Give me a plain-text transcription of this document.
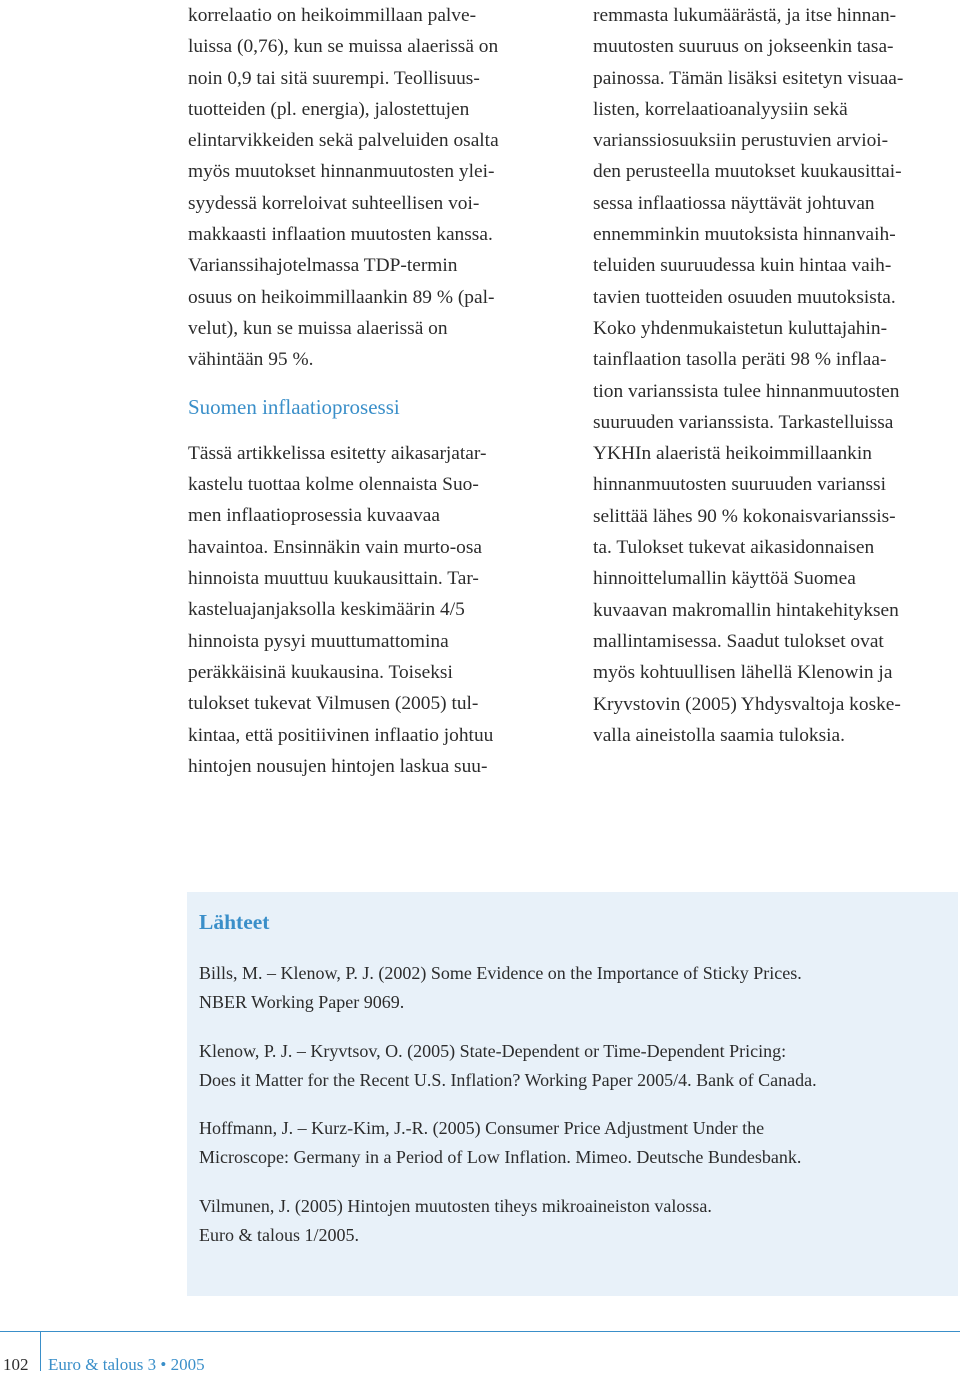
korrelaatio on heikoimmillaan palve-
luissa (0,76), kun se muissa alaerissä on
noin 0,9 tai sitä suurempi. Teollisuus-
tuotteiden (pl. energia), jalostettujen
elintarvikkeiden sekä palveluiden osalta
myös muutokset hinnanmuutosten ylei-
syydessä korreloivat suhteellisen voi-
makkaasti inflaation muutosten kanssa.
Varianssihajotelmassa TDP-termin
osuus on heikoimmillaankin 89 % (pal-
velut), kun se muissa alaerissä on
vähintään 95 %.
Suomen inflaatioprosessi
Tässä artikkelissa esitetty aikasarjatar-
kastelu tuottaa kolme olennaista Suo-
men inflaatioprosessia kuvaavaa
havaintoa. Ensinnäkin vain murto-osa
hinnoista muuttuu kuukausittain. Tar-
kasteluajanjaksolla keskimäärin 4/5
hinnoista pysyi muuttumattomina
peräkkäisinä kuukausina. Toiseksi
tulokset tukevat Vilmusen (2005) tul-
kintaa, että positiivinen inflaatio johtuu
hintojen nousujen hintojen laskua suu-
remmasta lukumäärästä, ja itse hinnan-
muutosten suuruus on jokseenkin tasa-
painossa. Tämän lisäksi esitetyn visuaa-
listen, korrelaatioanalyysiin sekä
varianssiosuuksiin perustuvien arvioi-
den perusteella muutokset kuukausittai-
sessa inflaatiossa näyttävät johtuvan
ennemminkin muutoksista hinnanvaih-
teluiden suuruudessa kuin hintaa vaih-
tavien tuotteiden osuuden muutoksista.
Koko yhdenmukaistetun kuluttajahin-
tainflaation tasolla peräti 98 % inflaa-
tion varianssista tulee hinnanmuutosten
suuruuden varianssista. Tarkastelluissa
YKHIn alaeristä heikoimmillaankin
hinnanmuutosten suuruuden varianssi
selittää lähes 90 % kokonaisvarianssis-
ta. Tulokset tukevat aikasidonnaisen
hinnoittelumallin käyttöä Suomea
kuvaavan makromallin hintakehityksen
mallintamisessa. Saadut tulokset ovat
myös kohtuullisen lähellä Klenowin ja
Kryvstovin (2005) Yhdysvaltoja koske-
valla aineistolla saamia tuloksia.
Lähteet
Bills, M. – Klenow, P. J. (2002) Some Evidence on the Importance of Sticky Prices.
NBER Working Paper 9069.
Klenow, P. J. – Kryvtsov, O. (2005) State-Dependent or Time-Dependent Pricing:
Does it Matter for the Recent U.S. Inflation? Working Paper 2005/4. Bank of Canada.
Hoffmann, J. – Kurz-Kim, J.-R. (2005) Consumer Price Adjustment Under the
Microscope: Germany in a Period of Low Inflation. Mimeo. Deutsche Bundesbank.
Vilmunen, J. (2005) Hintojen muutosten tiheys mikroaineiston valossa.
Euro & talous 1/2005.
102 Euro & talous 3 • 2005
